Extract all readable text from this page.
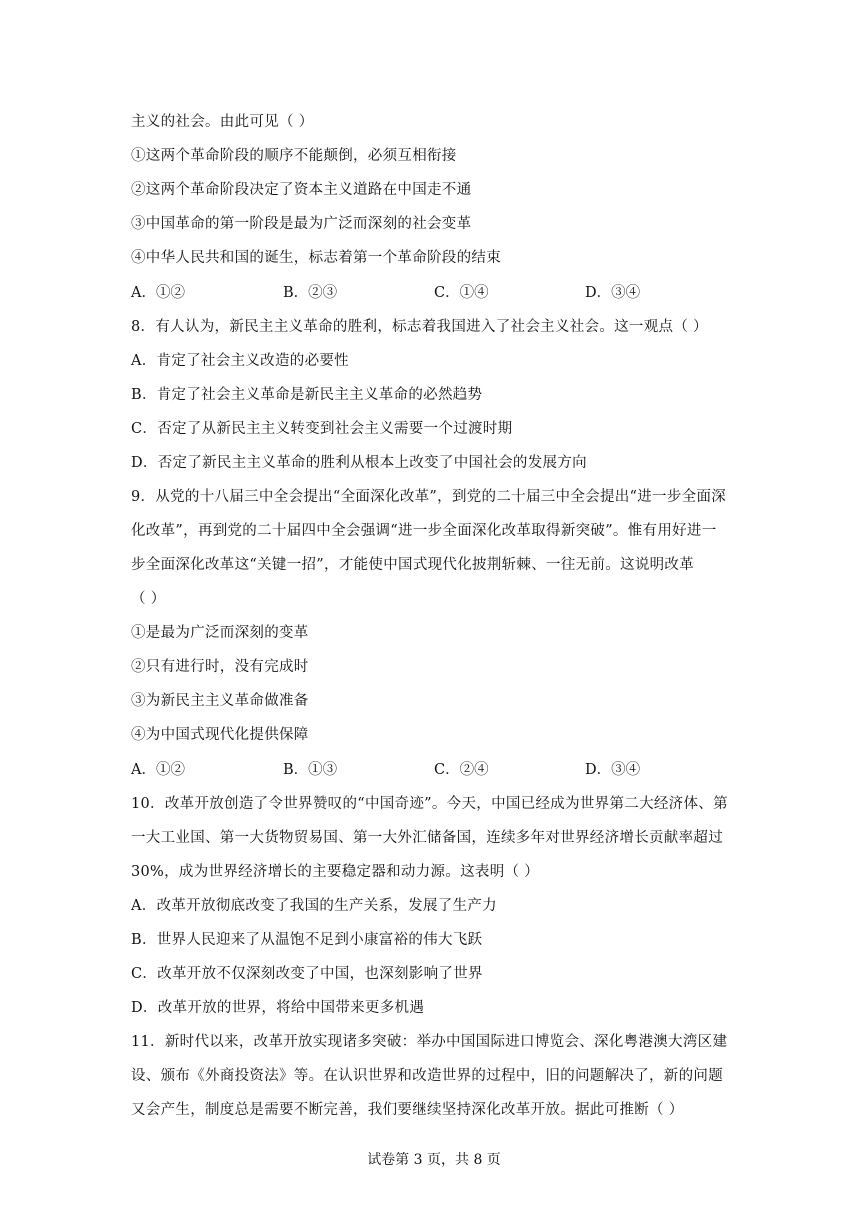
主义的社会。由此可见（ ）
①这两个革命阶段的顺序不能颠倒，必须互相衔接
②这两个革命阶段决定了资本主义道路在中国走不通
③中国革命的第一阶段是最为广泛而深刻的社会变革
④中华人民共和国的诞生，标志着第一个革命阶段的结束
A．①②	B．②③	C．①④	D．③④
8．有人认为，新民主主义革命的胜利，标志着我国进入了社会主义社会。这一观点（ ）
A．肯定了社会主义改造的必要性
B．肯定了社会主义革命是新民主主义革命的必然趋势
C．否定了从新民主主义转变到社会主义需要一个过渡时期
D．否定了新民主主义革命的胜利从根本上改变了中国社会的发展方向
9．从党的十八届三中全会提出“全面深化改革”，到党的二十届三中全会提出“进一步全面深
化改革”，再到党的二十届四中全会强调“进一步全面深化改革取得新突破”。惟有用好进一
步全面深化改革这“关键一招”，才能使中国式现代化披荆斩棘、一往无前。这说明改革
（ ）
①是最为广泛而深刻的变革
②只有进行时，没有完成时
③为新民主主义革命做准备
④为中国式现代化提供保障
A．①②	B．①③	C．②④	D．③④
10．改革开放创造了令世界赞叹的“中国奇迹”。今天，中国已经成为世界第二大经济体、第
一大工业国、第一大货物贸易国、第一大外汇储备国，连续多年对世界经济增长贡献率超过
30%，成为世界经济增长的主要稳定器和动力源。这表明（ ）
A．改革开放彻底改变了我国的生产关系，发展了生产力
B．世界人民迎来了从温饱不足到小康富裕的伟大飞跃
C．改革开放不仅深刻改变了中国，也深刻影响了世界
D．改革开放的世界，将给中国带来更多机遇
11．新时代以来，改革开放实现诸多突破：举办中国国际进口博览会、深化粤港澳大湾区建
设、颁布《外商投资法》等。在认识世界和改造世界的过程中，旧的问题解决了，新的问题
又会产生，制度总是需要不断完善，我们要继续坚持深化改革开放。据此可推断（ ）
试卷第 3 页，共 8 页
